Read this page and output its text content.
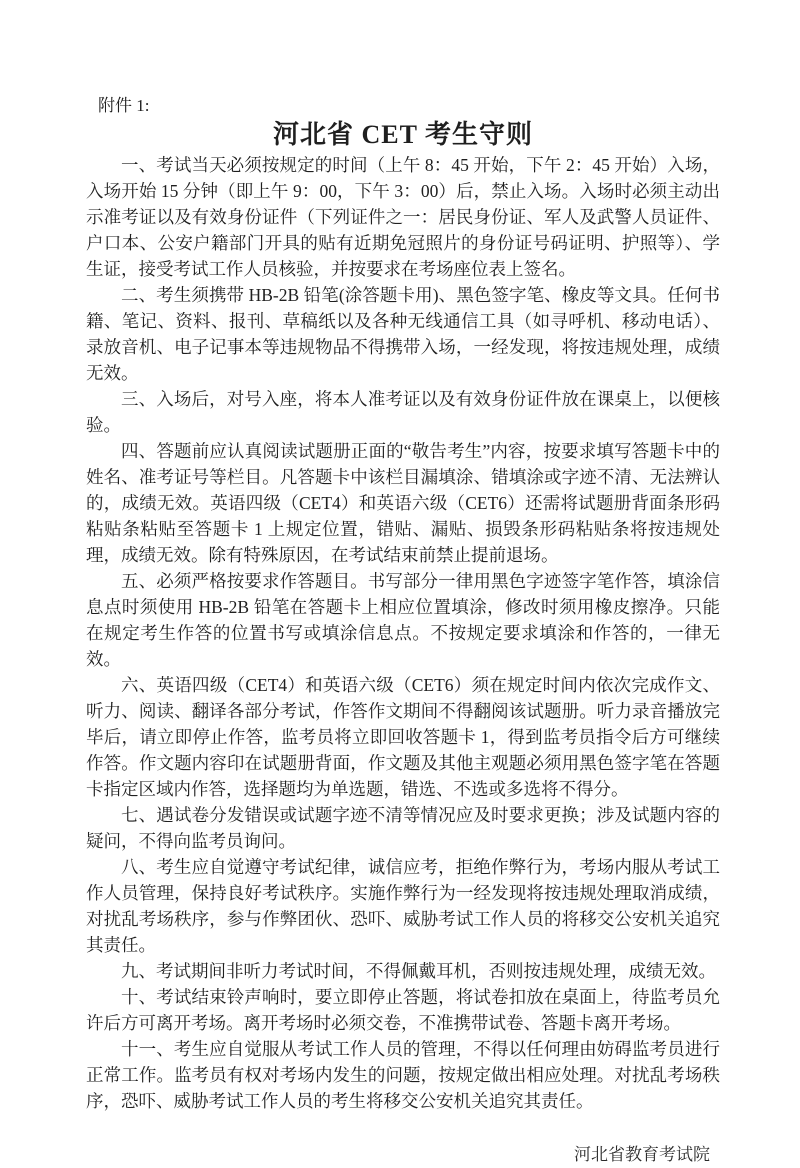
附件 1:
河北省 CET 考生守则

一、考试当天必须按规定的时间（上午 8：45 开始，下午 2：45 开始）入场，入场开始 15 分钟（即上午 9：00，下午 3：00）后，禁止入场。入场时必须主动出示准考证以及有效身份证件（下列证件之一：居民身份证、军人及武警人员证件、户口本、公安户籍部门开具的贴有近期免冠照片的身份证号码证明、护照等）、学生证，接受考试工作人员核验，并按要求在考场座位表上签名。

二、考生须携带 HB-2B 铅笔(涂答题卡用)、黑色签字笔、橡皮等文具。任何书籍、笔记、资料、报刊、草稿纸以及各种无线通信工具（如寻呼机、移动电话）、录放音机、电子记事本等违规物品不得携带入场，一经发现，将按违规处理，成绩无效。

三、入场后，对号入座，将本人准考证以及有效身份证件放在课桌上，以便核验。

四、答题前应认真阅读试题册正面的“敬告考生”内容，按要求填写答题卡中的姓名、准考证号等栏目。凡答题卡中该栏目漏填涂、错填涂或字迹不清、无法辨认的，成绩无效。英语四级（CET4）和英语六级（CET6）还需将试题册背面条形码粘贴条粘贴至答题卡 1 上规定位置，错贴、漏贴、损毁条形码粘贴条将按违规处理，成绩无效。除有特殊原因，在考试结束前禁止提前退场。

五、必须严格按要求作答题目。书写部分一律用黑色字迹签字笔作答，填涂信息点时须使用 HB-2B 铅笔在答题卡上相应位置填涂，修改时须用橡皮擦净。只能在规定考生作答的位置书写或填涂信息点。不按规定要求填涂和作答的，一律无效。

六、英语四级（CET4）和英语六级（CET6）须在规定时间内依次完成作文、听力、阅读、翻译各部分考试，作答作文期间不得翻阅该试题册。听力录音播放完毕后，请立即停止作答，监考员将立即回收答题卡 1，得到监考员指令后方可继续作答。作文题内容印在试题册背面，作文题及其他主观题必须用黑色签字笔在答题卡指定区域内作答，选择题均为单选题，错选、不选或多选将不得分。

七、遇试卷分发错误或试题字迹不清等情况应及时要求更换；涉及试题内容的疑问，不得向监考员询问。

八、考生应自觉遵守考试纪律，诚信应考，拒绝作弊行为，考场内服从考试工作人员管理，保持良好考试秩序。实施作弊行为一经发现将按违规处理取消成绩，对扰乱考场秩序，参与作弊团伙、恐吓、威胁考试工作人员的将移交公安机关追究其责任。

九、考试期间非听力考试时间，不得佩戴耳机，否则按违规处理，成绩无效。

十、考试结束铃声响时，要立即停止答题，将试卷扣放在桌面上，待监考员允许后方可离开考场。离开考场时必须交卷，不准携带试卷、答题卡离开考场。

十一、考生应自觉服从考试工作人员的管理，不得以任何理由妨碍监考员进行正常工作。监考员有权对考场内发生的问题，按规定做出相应处理。对扰乱考场秩序，恐吓、威胁考试工作人员的考生将移交公安机关追究其责任。

河北省教育考试院
